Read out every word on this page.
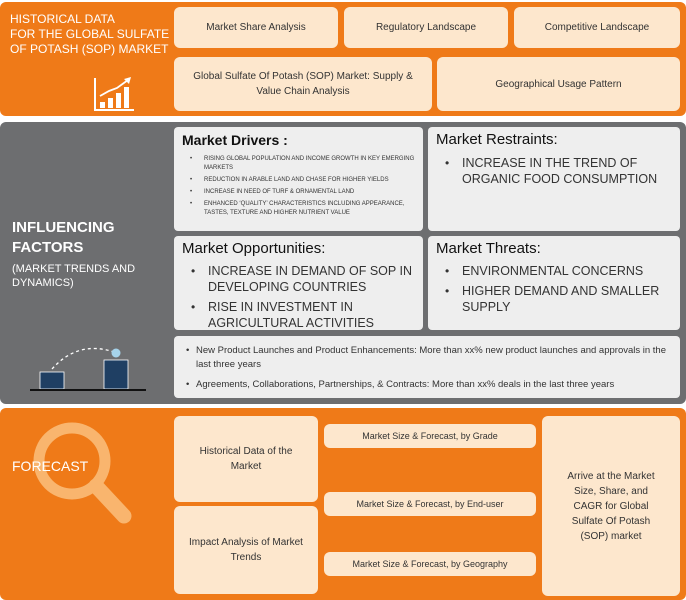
HISTORICAL DATA
FOR THE GLOBAL SULFATE
OF POTASH (SOP) MARKET
Market Share Analysis	Regulatory Landscape	Competitive Landscape
Global Sulfate Of Potash (SOP) Market: Supply & Value Chain Analysis
Geographical Usage Pattern
INFLUENCING
FACTORS
(MARKET TRENDS AND
DYNAMICS)
Market Drivers :
• RISING GLOBAL POPULATION AND INCOME GROWTH IN KEY EMERGING MARKETS
• REDUCTION IN ARABLE LAND AND CHASE FOR HIGHER YIELDS
• INCREASE IN NEED OF TURF & ORNAMENTAL LAND
• ENHANCED ‘QUALITY’ CHARACTERISTICS INCLUDING APPEARANCE, TASTES, TEXTURE AND HIGHER NUTRIENT VALUE
Market Restraints:
• INCREASE IN THE TREND OF ORGANIC FOOD CONSUMPTION
Market Opportunities:
• INCREASE IN DEMAND OF SOP IN DEVELOPING COUNTRIES
• RISE IN INVESTMENT IN AGRICULTURAL ACTIVITIES
Market Threats:
• ENVIRONMENTAL CONCERNS
• HIGHER DEMAND AND SMALLER SUPPLY
• New Product Launches and Product Enhancements: More than xx% new product launches and approvals in the last three years
• Agreements, Collaborations, Partnerships, & Contracts: More than xx% deals in the last three years
FORECAST
Historical Data of the Market
Impact Analysis of Market Trends
Market Size & Forecast, by Grade
Market Size & Forecast, by End-user
Market Size & Forecast, by Geography
Arrive at the Market Size, Share, and CAGR for Global Sulfate Of Potash (SOP) market
